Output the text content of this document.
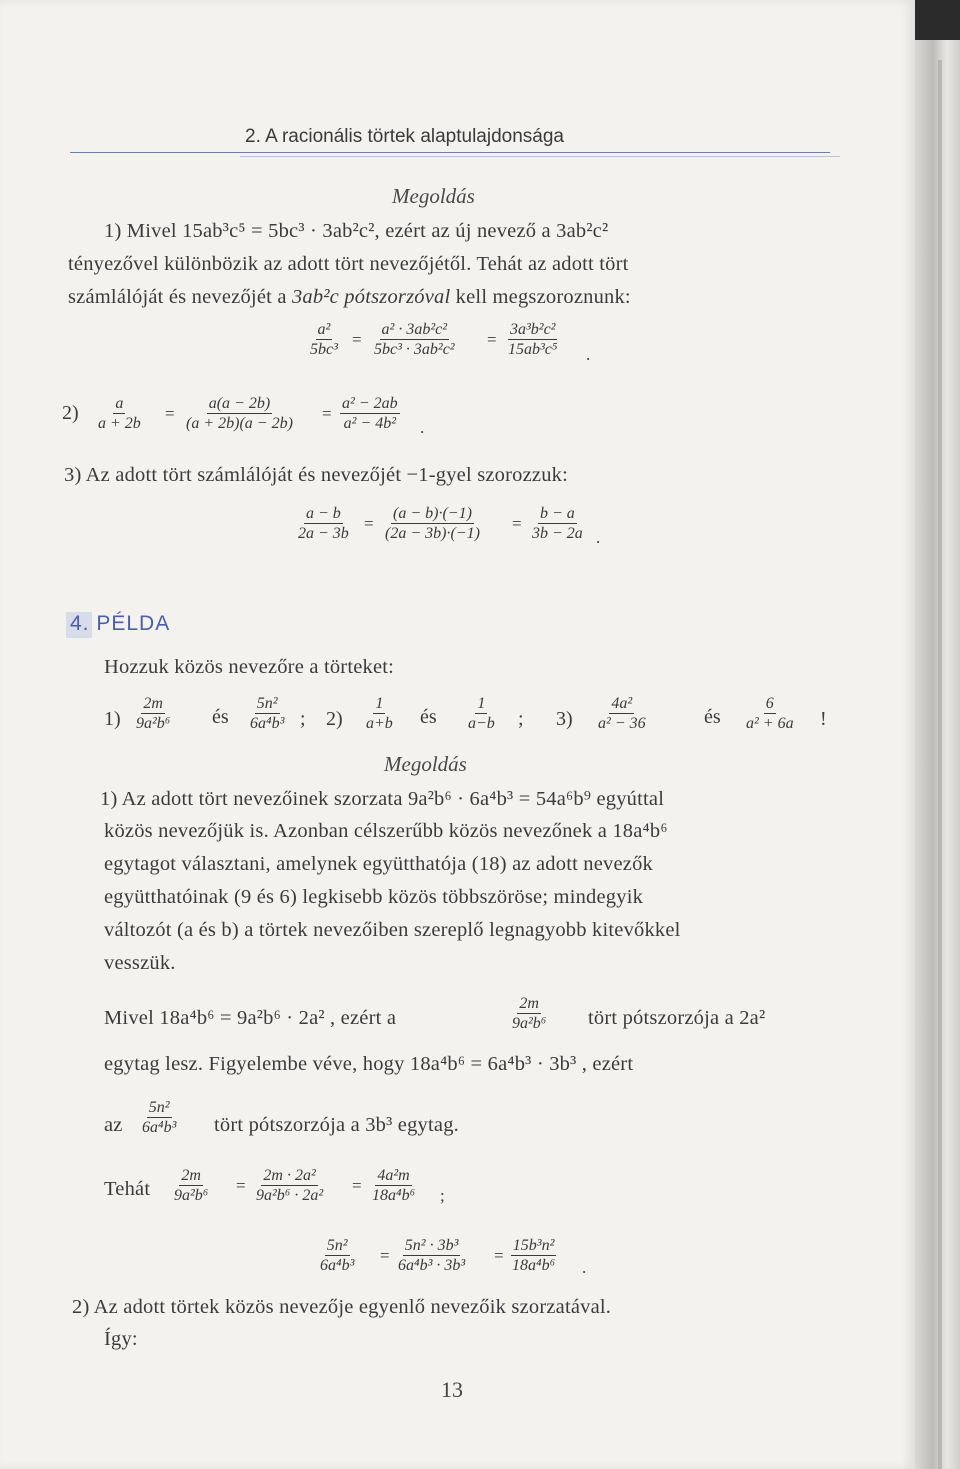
2. A racionális törtek alaptulajdonsága
Megoldás
1) Mivel 15ab³c⁵ = 5bc³ · 3ab²c², ezért az új nevező a 3ab²c²
tényezővel különbözik az adott tört nevezőjétől. Tehát az adott tört
számlálóját és nevezőjét a 3ab²c pótszorzóval kell megszoroznunk:
$\frac{\text{a²}}{\text{5bc³}} = \frac{\text{a² · 3ab²c²}}{\text{5bc³ · 3ab²c²}} = \frac{\text{3a³b²c²}}{\text{15ab³c⁵}}$ .
$2) \frac{a}{a + 2b} = \frac{a(a - 2b)}{(a + 2b)(a - 2b)} = \frac{\text{a² − 2ab}}{\text{a² − 4b²}}$ .
3) Az adott tört számlálóját és nevezőjét −1-gyel szorozzuk:
$\frac{a - b}{2a - 3b} = \frac{(a - b)\cdot(-1)}{(2a - 3b)\cdot(-1)} = \frac{b - a}{3b - 2a}$ .
4. PÉLDA
Hozzuk közös nevezőre a törteket:
$1) \frac{2m}{\text{9a²b⁶}}$ és $\frac{\text{5n²}}{\text{6a⁴b³}}$ ; $2) \frac{1}{a+b}$ és $\frac{1}{a-b}$ ; $3) \frac{\text{4a²}}{\text{a² − 36}}$	és $\frac{6}{\text{a² + 6a}}$ !
Megoldás
1) Az adott tört nevezőinek szorzata 9a²b⁶ · 6a⁴b³ = 54a⁶b⁹ egyúttal
közös nevezőjük is. Azonban célszerűbb közös nevezőnek a 18a⁴b⁶
egytagot választani, amelynek együtthatója (18) az adott nevezők
együtthatóinak (9 és 6) legkisebb közös többszöröse; mindegyik
változót (a és b) a törtek nevezőiben szereplő legnagyobb kitevőkkel
vesszük.
Mivel 18a⁴b⁶ = 9a²b⁶ · 2a² , ezért a	$\frac{2m}{\text{9a²b⁶}}$ tört pótszorzója a 2a²
egytag lesz. Figyelembe véve, hogy 18a⁴b⁶ = 6a⁴b³ · 3b³ , ezért
az $\frac{\text{5n²}}{\text{6a⁴b³}}$ tört pótszorzója a 3b³ egytag.
Tehát $\frac{2m}{\text{9a²b⁶}} = \frac{\text{2m · 2a²}}{\text{9a²b⁶ · 2a²}} = \frac{\text{4a²m}}{\text{18a⁴b⁶}}$ ;
$\frac{\text{5n²}}{\text{6a⁴b³}} = \frac{\text{5n² · 3b³}}{\text{6a⁴b³ · 3b³}} = \frac{\text{15b³n²}}{\text{18a⁴b⁶}}$ .
2) Az adott törtek közös nevezője egyenlő nevezőik szorzatával.
Így:
13
